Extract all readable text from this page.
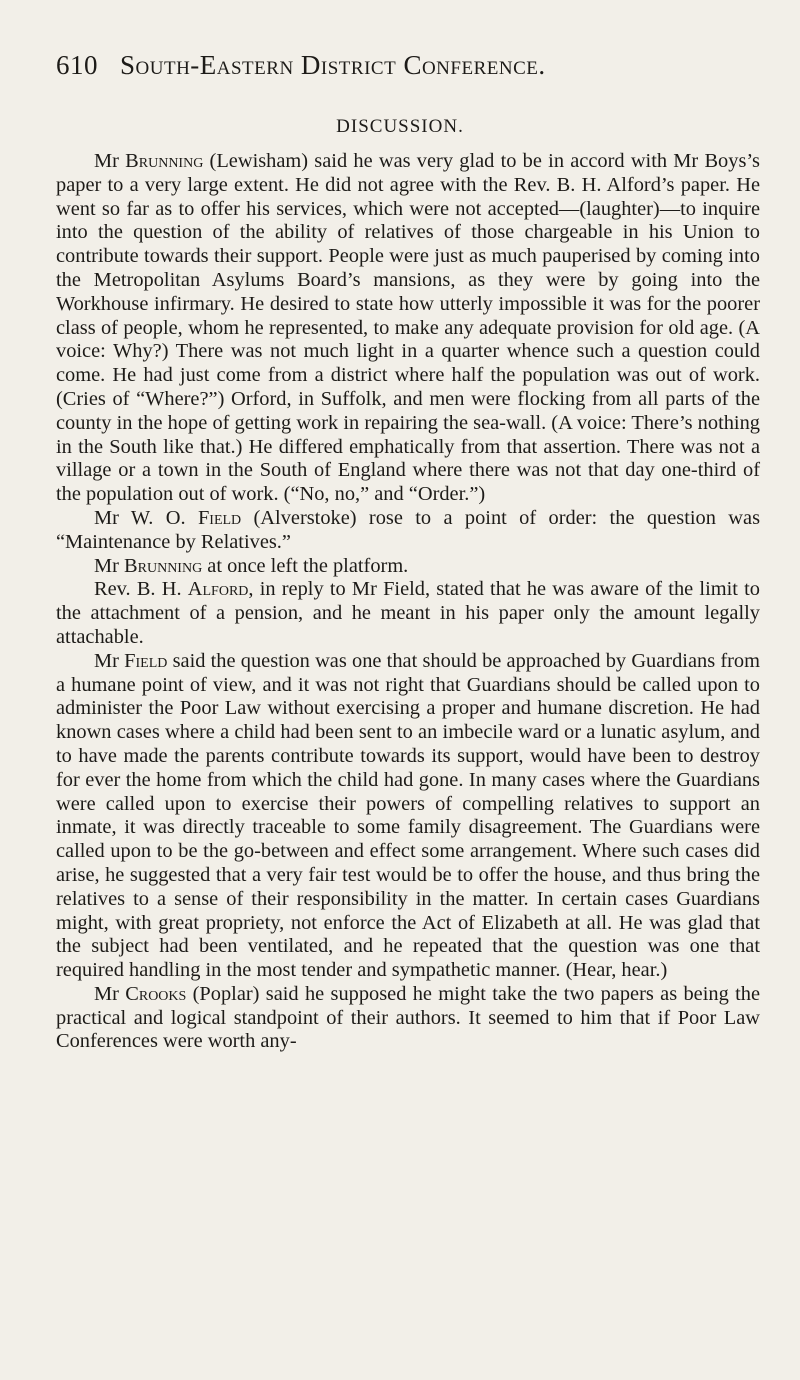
610 South-Eastern District Conference.
DISCUSSION.

Mr Brunning (Lewisham) said he was very glad to be in accord with Mr Boys’s paper to a very large extent. He did not agree with the Rev. B. H. Alford’s paper. He went so far as to offer his services, which were not accepted—(laughter)—to inquire into the question of the ability of relatives of those chargeable in his Union to contribute towards their support. People were just as much pauperised by coming into the Metropolitan Asylums Board’s mansions, as they were by going into the Workhouse infirmary. He desired to state how utterly impossible it was for the poorer class of people, whom he represented, to make any adequate provision for old age. (A voice: Why?) There was not much light in a quarter whence such a question could come. He had just come from a district where half the population was out of work. (Cries of “Where?”) Orford, in Suffolk, and men were flocking from all parts of the county in the hope of getting work in repairing the sea-wall. (A voice: There’s nothing in the South like that.) He differed emphatically from that assertion. There was not a village or a town in the South of England where there was not that day one-third of the population out of work. (“No, no,” and “Order.”)

Mr W. O. Field (Alverstoke) rose to a point of order: the question was “Maintenance by Relatives.”

Mr Brunning at once left the platform.

Rev. B. H. Alford, in reply to Mr Field, stated that he was aware of the limit to the attachment of a pension, and he meant in his paper only the amount legally attachable.

Mr Field said the question was one that should be approached by Guardians from a humane point of view, and it was not right that Guardians should be called upon to administer the Poor Law without exercising a proper and humane discretion. He had known cases where a child had been sent to an imbecile ward or a lunatic asylum, and to have made the parents contribute towards its support, would have been to destroy for ever the home from which the child had gone. In many cases where the Guardians were called upon to exercise their powers of compelling relatives to support an inmate, it was directly traceable to some family disagreement. The Guardians were called upon to be the go-between and effect some arrangement. Where such cases did arise, he suggested that a very fair test would be to offer the house, and thus bring the relatives to a sense of their responsibility in the matter. In certain cases Guardians might, with great propriety, not enforce the Act of Elizabeth at all. He was glad that the subject had been ventilated, and he repeated that the question was one that required handling in the most tender and sympathetic manner. (Hear, hear.)

Mr Crooks (Poplar) said he supposed he might take the two papers as being the practical and logical standpoint of their authors. It seemed to him that if Poor Law Conferences were worth any-
